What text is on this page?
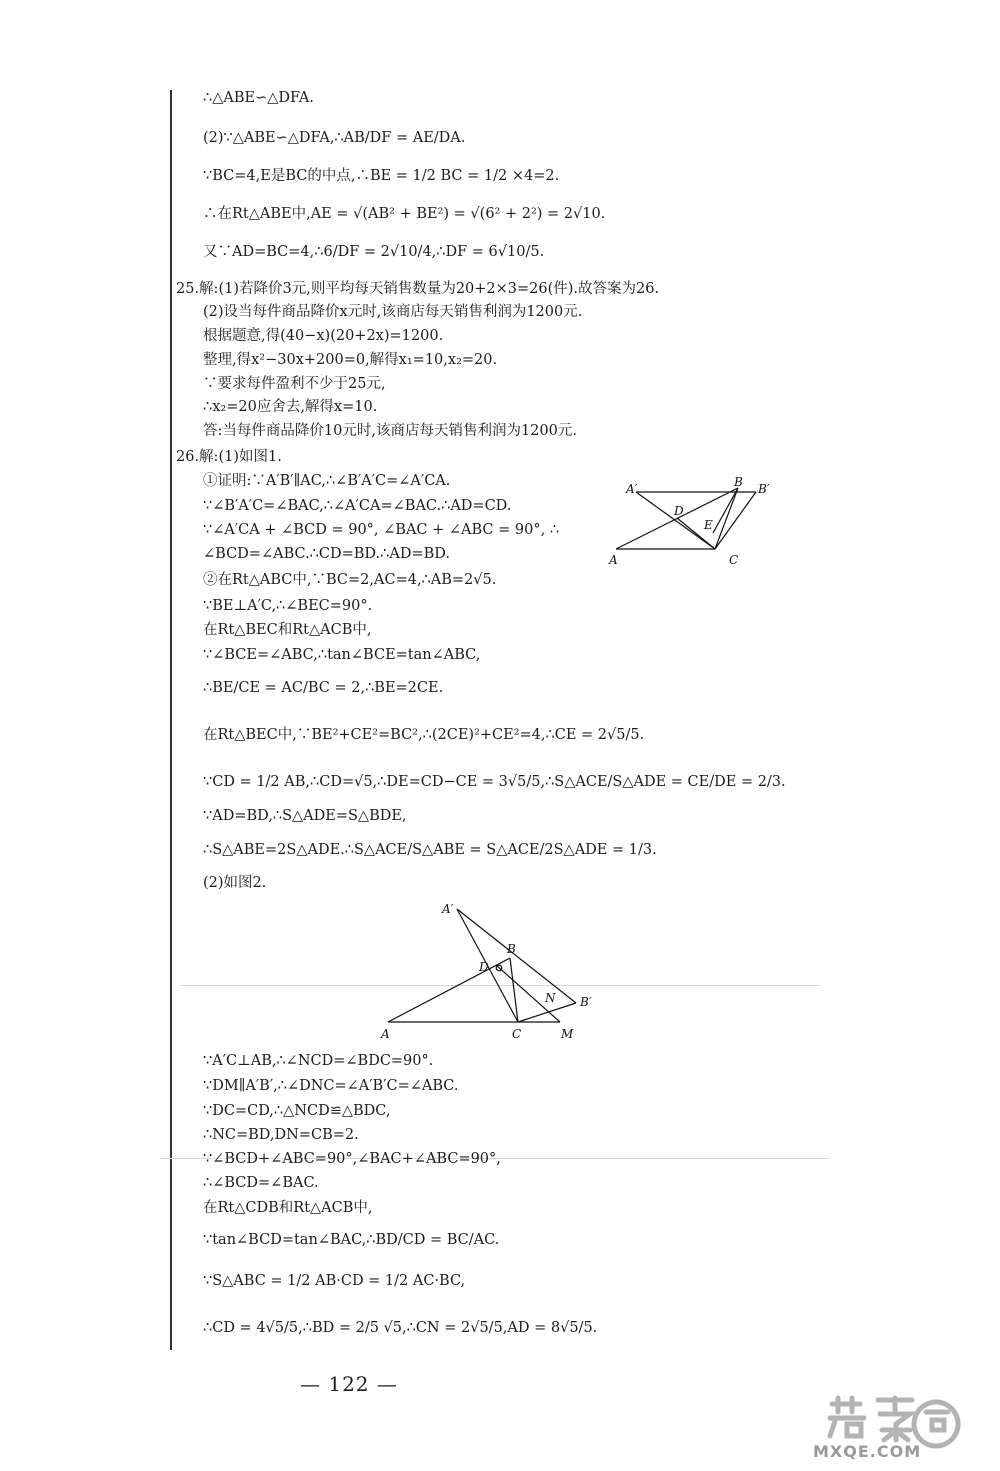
∴△ABE∽△DFA.
(2)∵△ABE∽△DFA,∴AB/DF = AE/DA.
∵BC=4,E是BC的中点,∴BE = 1/2 BC = 1/2 ×4=2.
∴在Rt△ABE中,AE = √(AB² + BE²) = √(6² + 2²) = 2√10.
又∵AD=BC=4,∴6/DF = 2√10/4,∴DF = 6√10/5.
25.解:(1)若降价3元,则平均每天销售数量为20+2×3=26(件).故答案为26.
(2)设当每件商品降价x元时,该商店每天销售利润为1200元.
根据题意,得(40−x)(20+2x)=1200.
整理,得x²−30x+200=0,解得x₁=10,x₂=20.
∵要求每件盈利不少于25元,
∴x₂=20应舍去,解得x=10.
答:当每件商品降价10元时,该商店每天销售利润为1200元.
26.解:(1)如图1.
①证明:∵A′B′∥AC,∴∠B′A′C=∠A′CA.
∵∠B′A′C=∠BAC,∴∠A′CA=∠BAC.∴AD=CD.
∵∠A′CA + ∠BCD = 90°, ∠BAC + ∠ABC = 90°, ∴
∠BCD=∠ABC.∴CD=BD.∴AD=BD.
②在Rt△ABC中,∵BC=2,AC=4,∴AB=2√5.
∵BE⊥A′C,∴∠BEC=90°.
在Rt△BEC和Rt△ACB中,
∵∠BCE=∠ABC,∴tan∠BCE=tan∠ABC,
∴BE/CE = AC/BC = 2,∴BE=2CE.
在Rt△BEC中,∵BE²+CE²=BC²,∴(2CE)²+CE²=4,∴CE = 2√5/5.
∵CD = 1/2 AB,∴CD=√5,∴DE=CD−CE = 3√5/5,∴S△ACE/S△ADE = CE/DE = 2/3.
∵AD=BD,∴S△ADE=S△BDE,
∴S△ABE=2S△ADE.∴S△ACE/S△ABE = S△ACE/2S△ADE = 1/3.
(2)如图2.
∵A′C⊥AB,∴∠NCD=∠BDC=90°.
∵DM∥A′B′,∴∠DNC=∠A′B′C=∠ABC.
∵DC=CD,∴△NCD≌△BDC,
∴NC=BD,DN=CB=2.
∵∠BCD+∠ABC=90°,∠BAC+∠ABC=90°,
∴∠BCD=∠BAC.
在Rt△CDB和Rt△ACB中,
∵tan∠BCD=tan∠BAC,∴BD/CD = BC/AC.
∵S△ABC = 1/2 AB·CD = 1/2 AC·BC,
∴CD = 4√5/5,∴BD = 2/5 √5,∴CN = 2√5/5,AD = 8√5/5.
A′	B B′
D
E
A	C
A′
B
D
N B′
A	C	M
— 122 —
MXQE.COM
